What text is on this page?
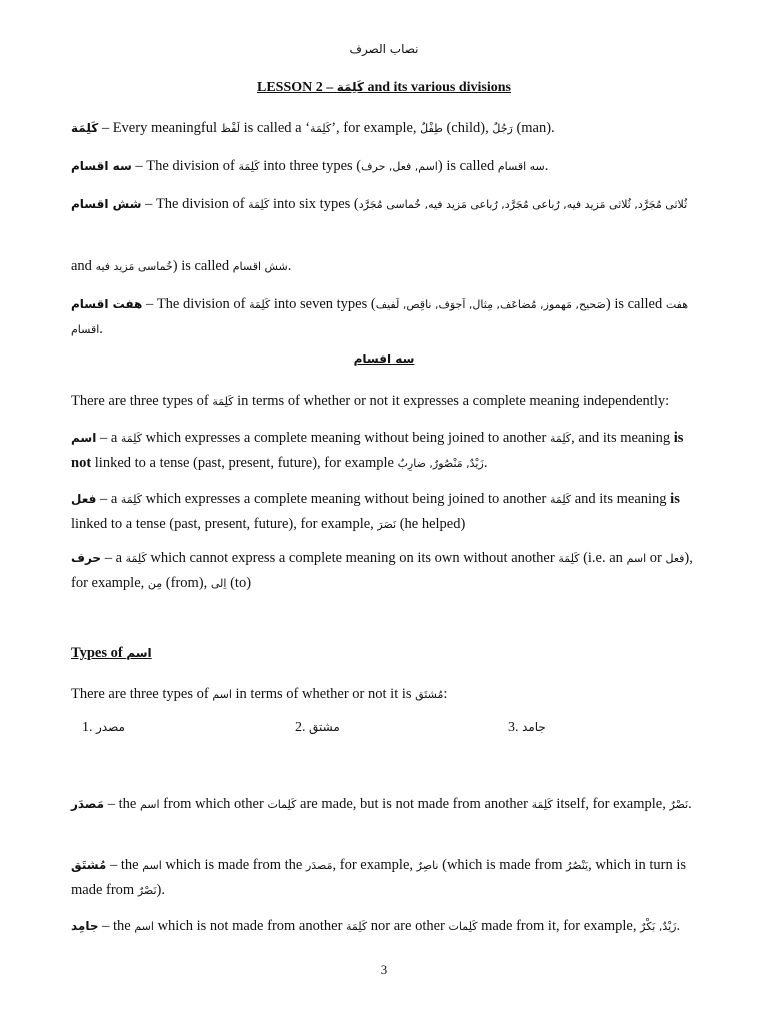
نصاب الصرف
LESSON 2 – كَلِمَة and its various divisions
كَلِمَة – Every meaningful لَفْظ is called a ‘كَلِمَة’, for example, طِفْلٌ (child), رَجُلٌ (man).
سه اقسام – The division of كَلِمَة into three types (اسم, فعل, حرف) is called سه اقسام.
شش اقسام – The division of كَلِمَة into six types (ثُلاثى مُجَرَّد, ثُلاثى مَزيد فيه, رُباعى مُجَرَّد, رُباعى مَزيد فيه, خُماسى مُجَرَّد
and خُماسى مَزيد فيه) is called شش اقسام.
هفت اقسام – The division of كَلِمَة into seven types (صَحيح, مَهموز, مُضاعَف, مِثال, اَجوَف, ناقِص, لَفيف) is called هفت اقسام.
سه اقسام
There are three types of كَلِمَة in terms of whether or not it expresses a complete meaning independently:
اسم – a كَلِمَة which expresses a complete meaning without being joined to another كَلِمَة, and its meaning is not linked to a tense (past, present, future), for example زَيْدٌ, مَنْصُورٌ, ضارِبٌ.
فعل – a كَلِمَة which expresses a complete meaning without being joined to another كَلِمَة and its meaning is linked to a tense (past, present, future), for example, نَصَرَ (he helped)
حرف – a كَلِمَة which cannot express a complete meaning on its own without another كَلِمَة (i.e. an اسم or فعل), for example, مِن (from), اِلى (to)
Types of اسم
There are three types of اسم in terms of whether or not it is مُشتَق:
1. مصدر	2. مشتق	3. جامد
مَصدَر – the اسم from which other كَلِمات are made, but is not made from another كَلِمَة itself, for example, نَصْرٌ.
مُشتَق – the اسم which is made from the مَصدَر, for example, ناصِرٌ (which is made from يَنْصُرُ, which in turn is made from نَصْرٌ).
جامِد – the اسم which is not made from another كَلِمَة nor are other كَلِمات made from it, for example, زَيْدٌ, بَكْرٌ.
3
